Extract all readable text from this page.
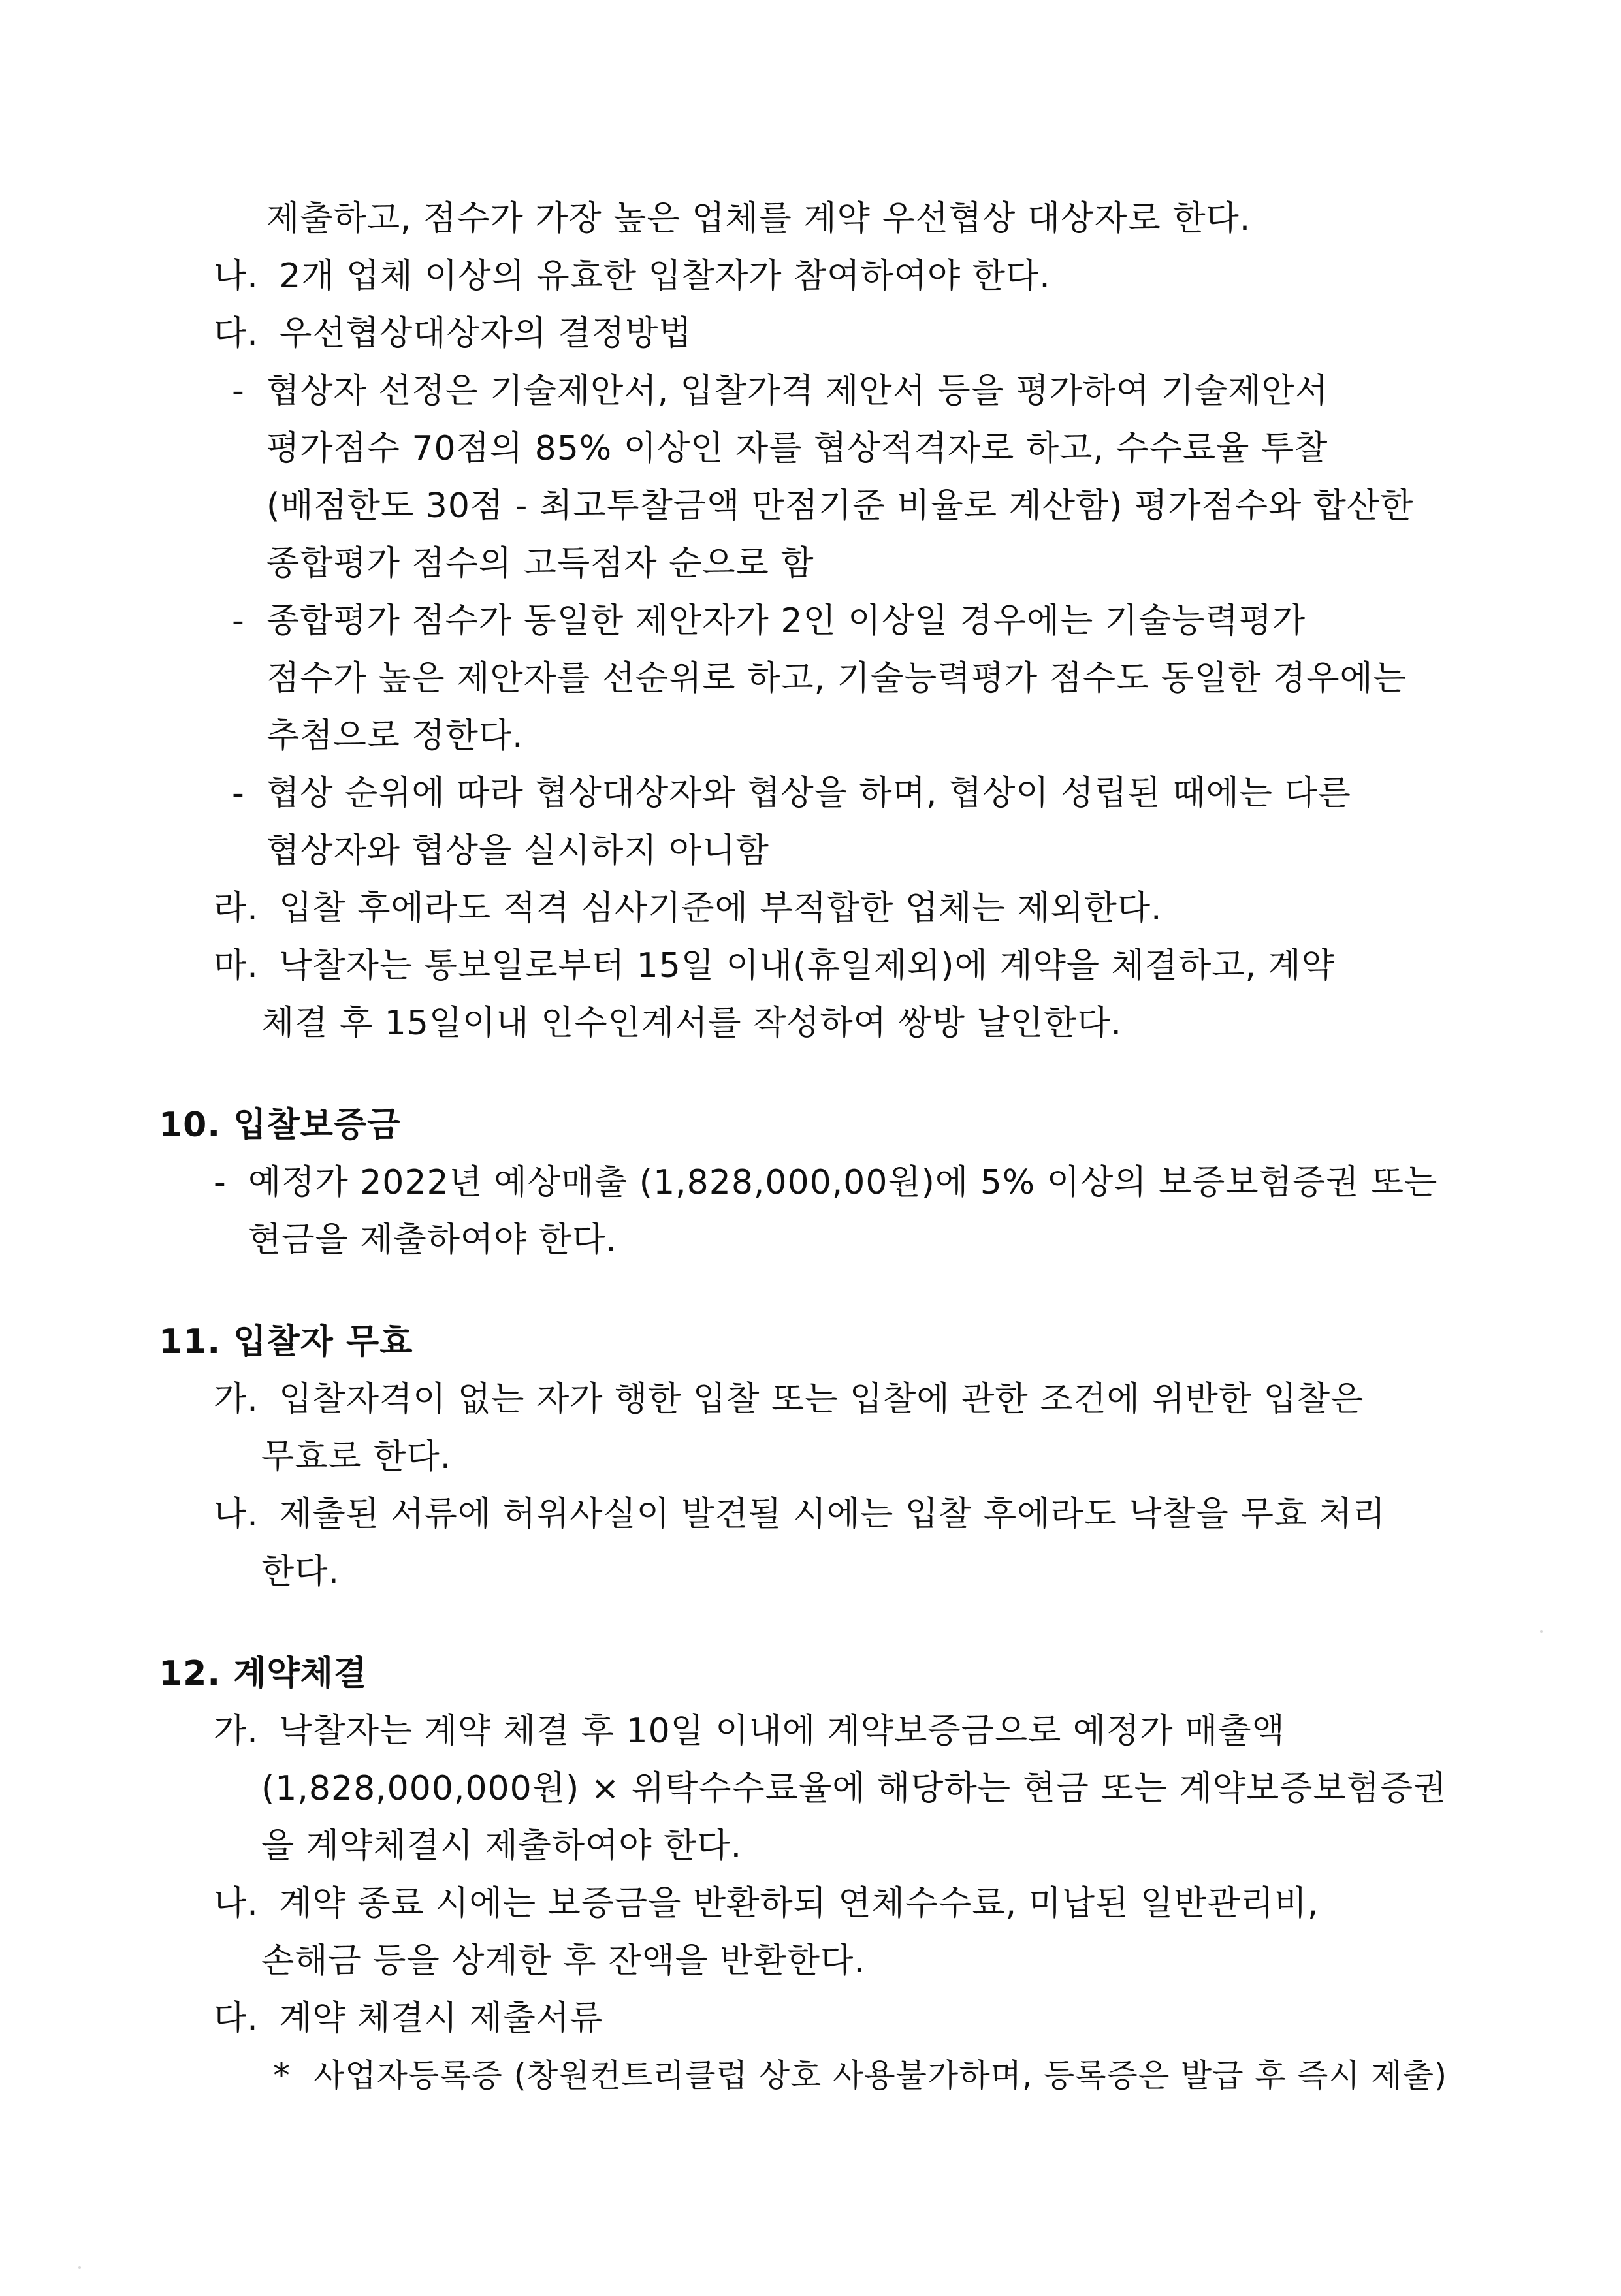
제출하고, 점수가 가장 높은 업체를 계약 우선협상 대상자로 한다.
나. 2개 업체 이상의 유효한 입찰자가 참여하여야 한다.
다. 우선협상대상자의 결정방법
- 협상자 선정은 기술제안서, 입찰가격 제안서 등을 평가하여 기술제안서
평가점수 70점의 85% 이상인 자를 협상적격자로 하고, 수수료율 투찰
(배점한도 30점 - 최고투찰금액 만점기준 비율로 계산함) 평가점수와 합산한
종합평가 점수의 고득점자 순으로 함
- 종합평가 점수가 동일한 제안자가 2인 이상일 경우에는 기술능력평가
점수가 높은 제안자를 선순위로 하고, 기술능력평가 점수도 동일한 경우에는
추첨으로 정한다.
- 협상 순위에 따라 협상대상자와 협상을 하며, 협상이 성립된 때에는 다른
협상자와 협상을 실시하지 아니함
라. 입찰 후에라도 적격 심사기준에 부적합한 업체는 제외한다.
마. 낙찰자는 통보일로부터 15일 이내(휴일제외)에 계약을 체결하고, 계약
체결 후 15일이내 인수인계서를 작성하여 쌍방 날인한다.
10. 입찰보증금
- 예정가 2022년 예상매출 (1,828,000,00원)에 5% 이상의 보증보험증권 또는
현금을 제출하여야 한다.
11. 입찰자 무효
가. 입찰자격이 없는 자가 행한 입찰 또는 입찰에 관한 조건에 위반한 입찰은
무효로 한다.
나. 제출된 서류에 허위사실이 발견될 시에는 입찰 후에라도 낙찰을 무효 처리
한다.
12. 계약체결
가. 낙찰자는 계약 체결 후 10일 이내에 계약보증금으로 예정가 매출액
(1,828,000,000원) × 위탁수수료율에 해당하는 현금 또는 계약보증보험증권
을 계약체결시 제출하여야 한다.
나. 계약 종료 시에는 보증금을 반환하되 연체수수료, 미납된 일반관리비,
손해금 등을 상계한 후 잔액을 반환한다.
다. 계약 체결시 제출서류
* 사업자등록증 (창원컨트리클럽 상호 사용불가하며, 등록증은 발급 후 즉시 제출)
